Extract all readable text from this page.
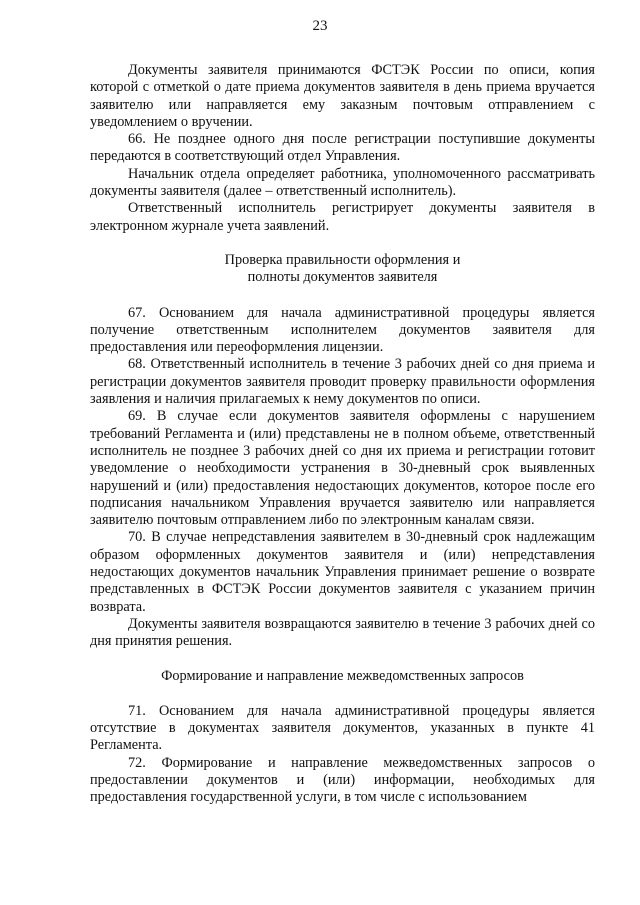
23

Документы заявителя принимаются ФСТЭК России по описи, копия которой с отметкой о дате приема документов заявителя в день приема вручается заявителю или направляется ему заказным почтовым отправлением с уведомлением о вручении.

66. Не позднее одного дня после регистрации поступившие документы передаются в соответствующий отдел Управления.

Начальник отдела определяет работника, уполномоченного рассматривать документы заявителя (далее – ответственный исполнитель).

Ответственный исполнитель регистрирует документы заявителя в электронном журнале учета заявлений.

Проверка правильности оформления и полноты документов заявителя

67. Основанием для начала административной процедуры является получение ответственным исполнителем документов заявителя для предоставления или переоформления лицензии.

68. Ответственный исполнитель в течение 3 рабочих дней со дня приема и регистрации документов заявителя проводит проверку правильности оформления заявления и наличия прилагаемых к нему документов по описи.

69. В случае если документов заявителя оформлены с нарушением требований Регламента и (или) представлены не в полном объеме, ответственный исполнитель не позднее 3 рабочих дней со дня их приема и регистрации готовит уведомление о необходимости устранения в 30-дневный срок выявленных нарушений и (или) предоставления недостающих документов, которое после его подписания начальником Управления вручается заявителю или направляется заявителю почтовым отправлением либо по электронным каналам связи.

70. В случае непредставления заявителем в 30-дневный срок надлежащим образом оформленных документов заявителя и (или) непредставления недостающих документов начальник Управления принимает решение о возврате представленных в ФСТЭК России документов заявителя с указанием причин возврата.

Документы заявителя возвращаются заявителю в течение 3 рабочих дней со дня принятия решения.

Формирование и направление межведомственных запросов

71. Основанием для начала административной процедуры является отсутствие в документах заявителя документов, указанных в пункте 41 Регламента.

72. Формирование и направление межведомственных запросов о предоставлении документов и (или) информации, необходимых для предоставления государственной услуги, в том числе с использованием
